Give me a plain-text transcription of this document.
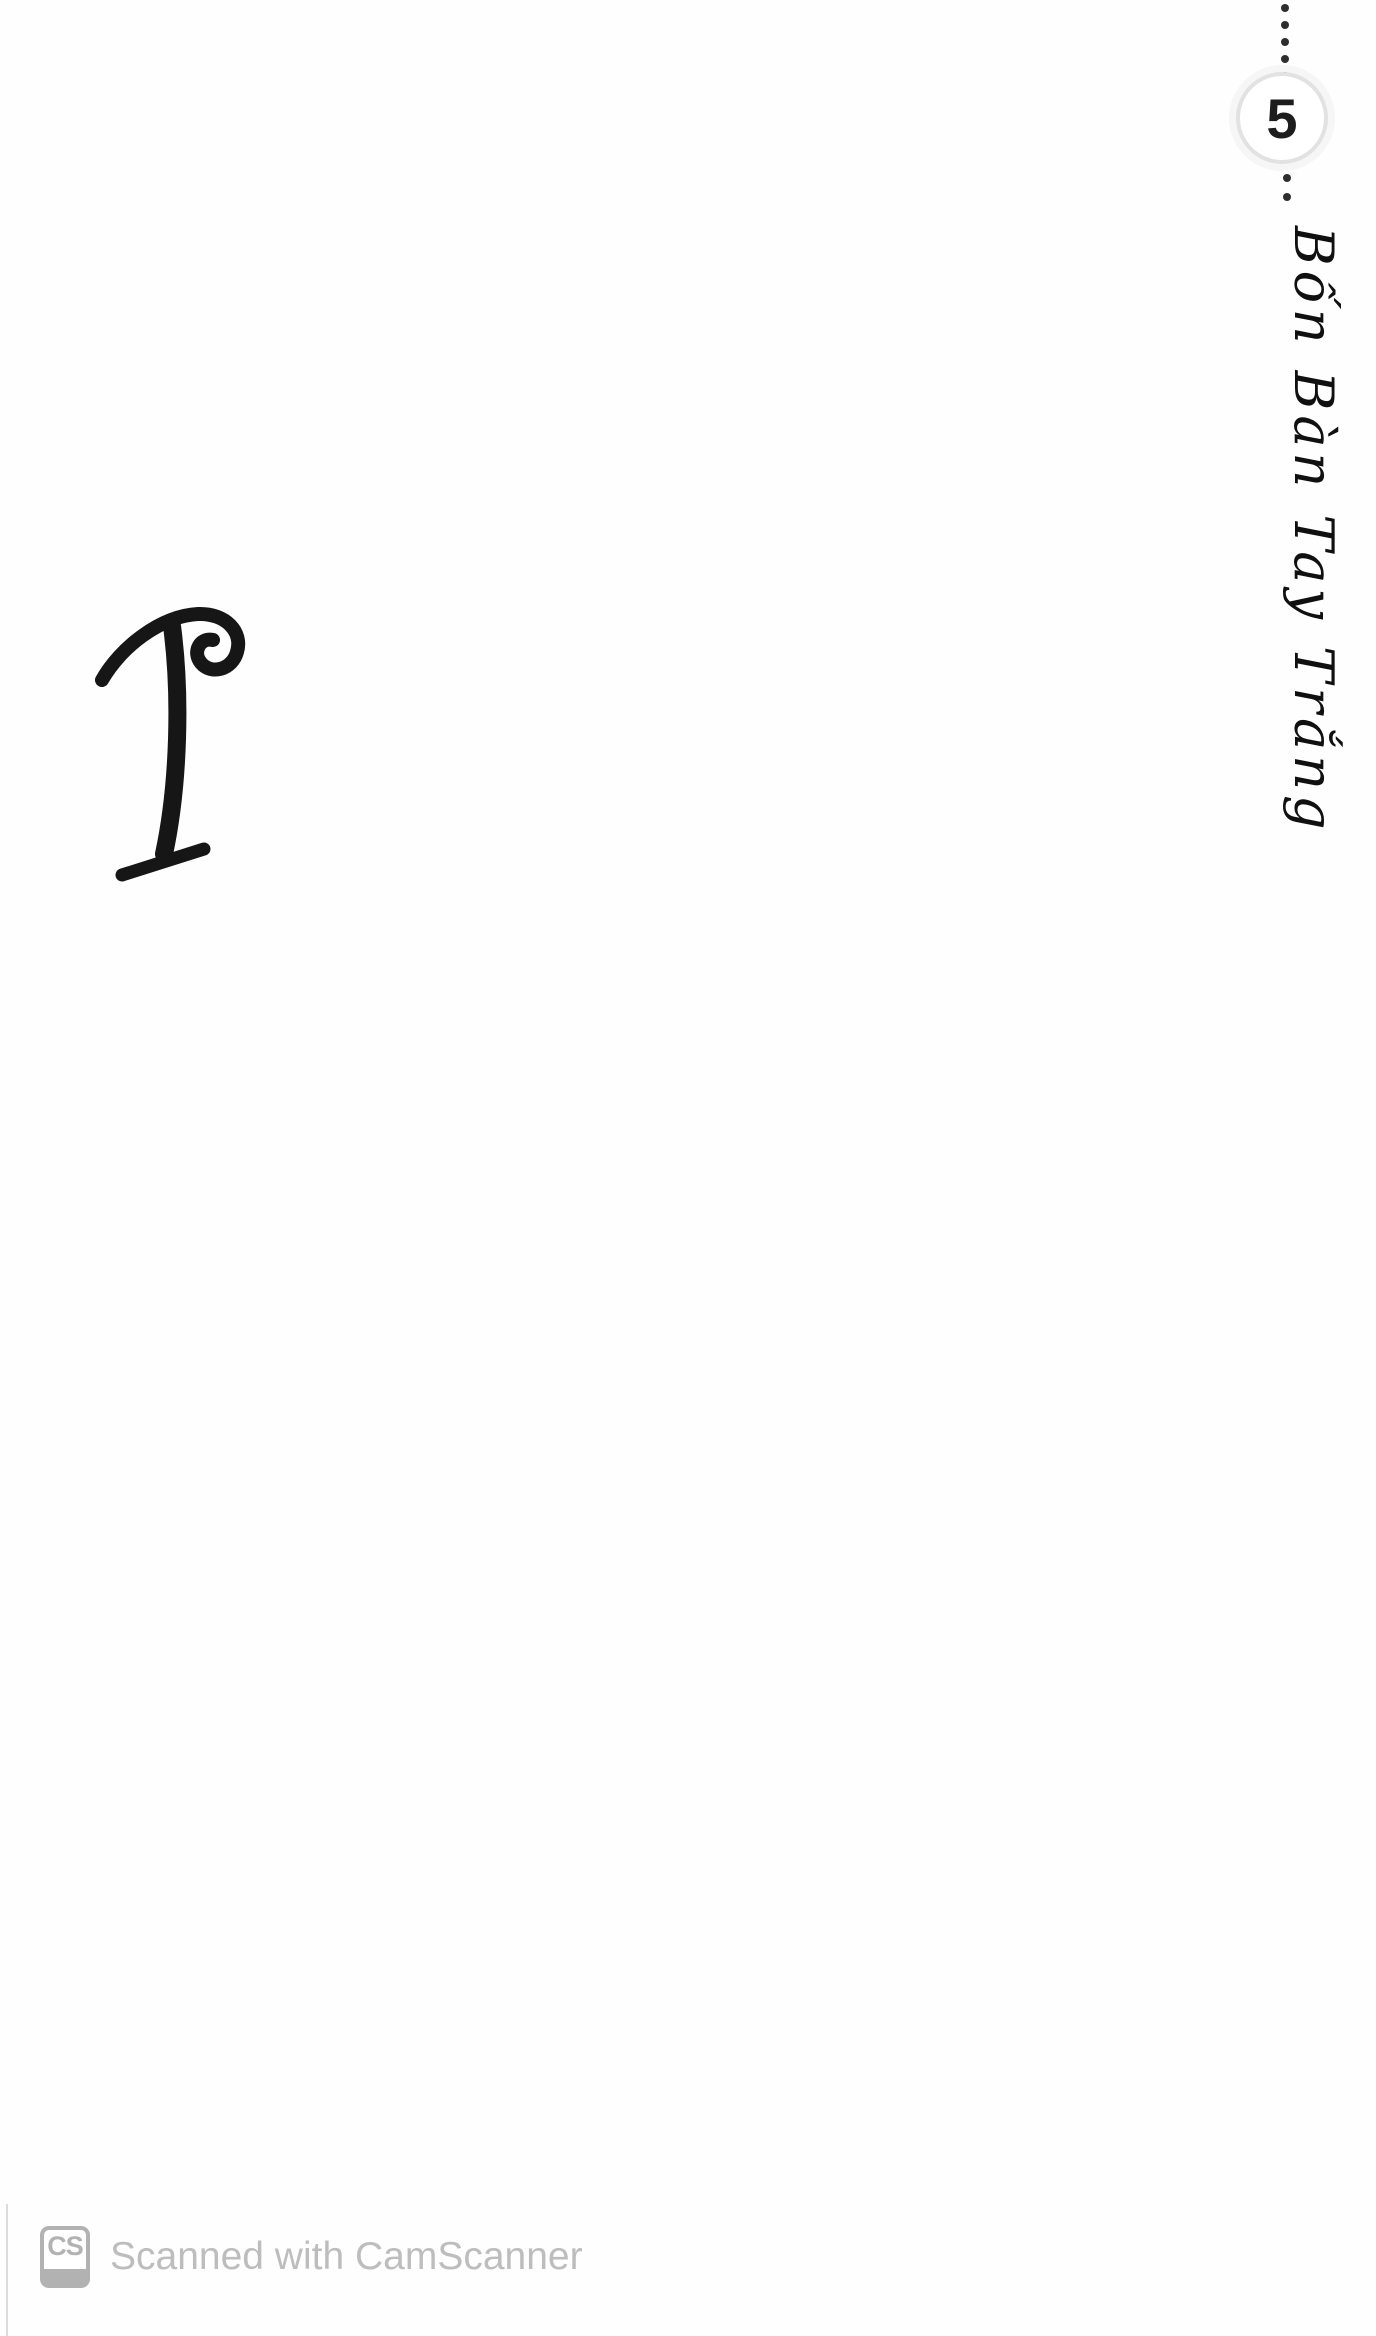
5
Bốn Bàn Tay Trắng
CS Scanned with CamScanner
